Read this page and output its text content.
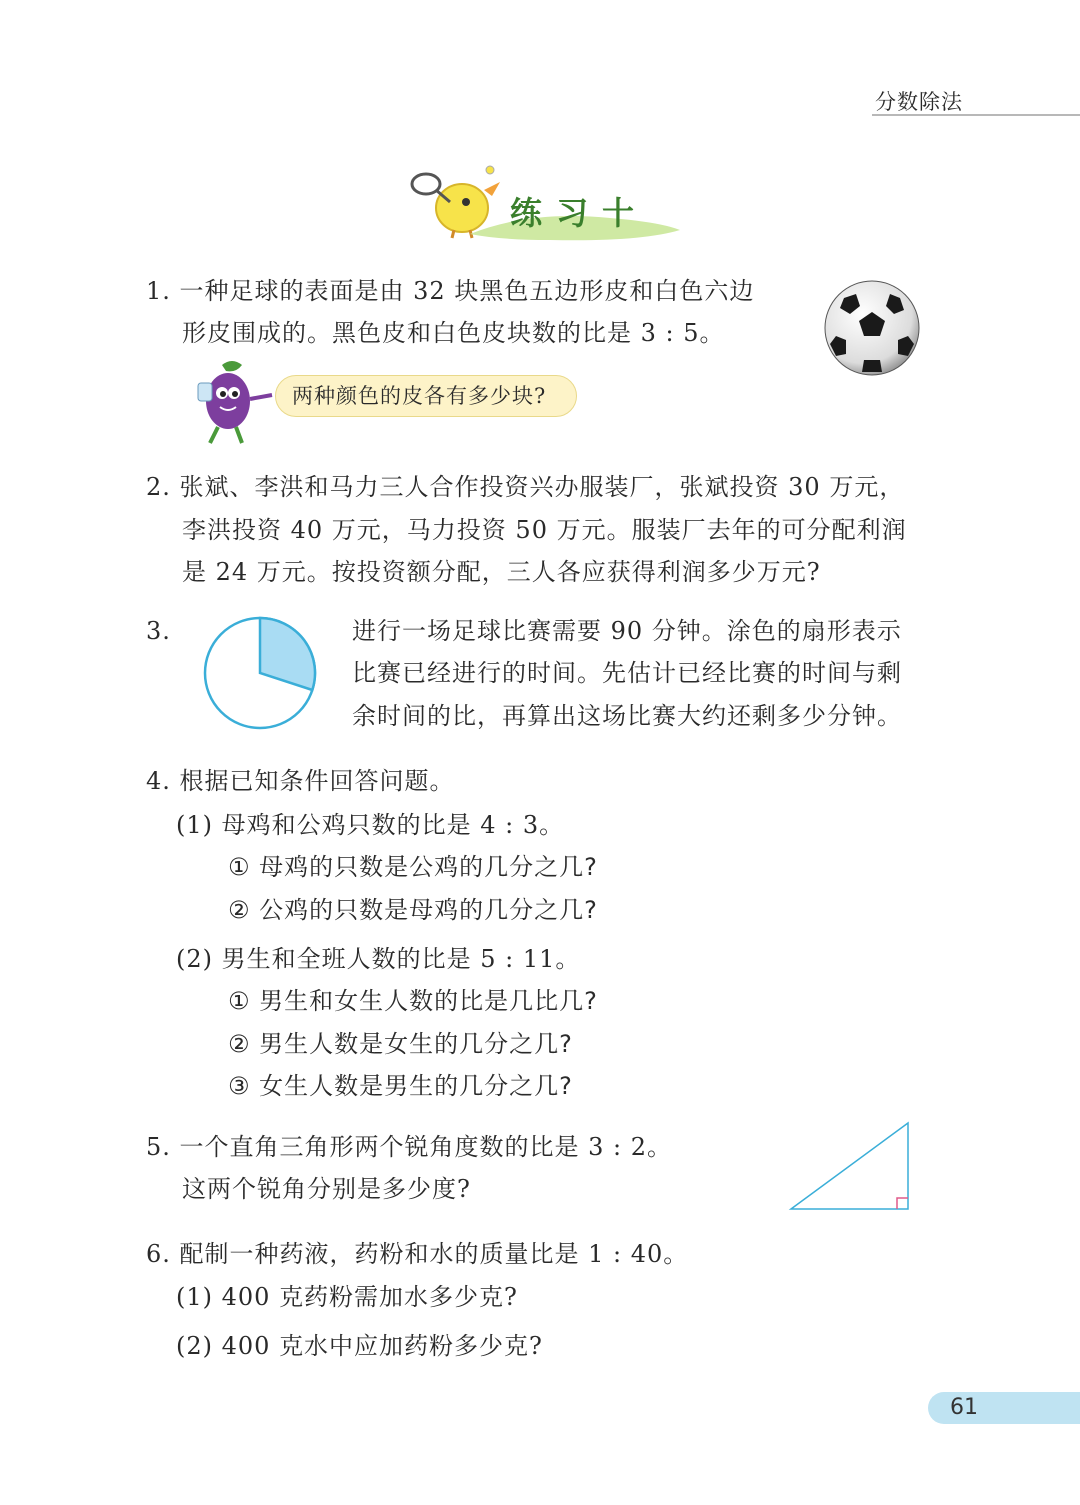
分数除法
练习十
1. 一种足球的表面是由 32 块黑色五边形皮和白色六边
形皮围成的。黑色皮和白色皮块数的比是 3 : 5。
两种颜色的皮各有多少块?
2. 张斌、李洪和马力三人合作投资兴办服装厂，张斌投资 30 万元，
李洪投资 40 万元，马力投资 50 万元。服装厂去年的可分配利润
是 24 万元。按投资额分配，三人各应获得利润多少万元?
3.	进行一场足球比赛需要 90 分钟。涂色的扇形表示
比赛已经进行的时间。先估计已经比赛的时间与剩
余时间的比，再算出这场比赛大约还剩多少分钟。
4. 根据已知条件回答问题。
(1) 母鸡和公鸡只数的比是 4 : 3。
① 母鸡的只数是公鸡的几分之几?
② 公鸡的只数是母鸡的几分之几?
(2) 男生和全班人数的比是 5 : 11。
① 男生和女生人数的比是几比几?
② 男生人数是女生的几分之几?
③ 女生人数是男生的几分之几?
5. 一个直角三角形两个锐角度数的比是 3 : 2。
这两个锐角分别是多少度?
6. 配制一种药液，药粉和水的质量比是 1 : 40。
(1) 400 克药粉需加水多少克?
(2) 400 克水中应加药粉多少克?
61
